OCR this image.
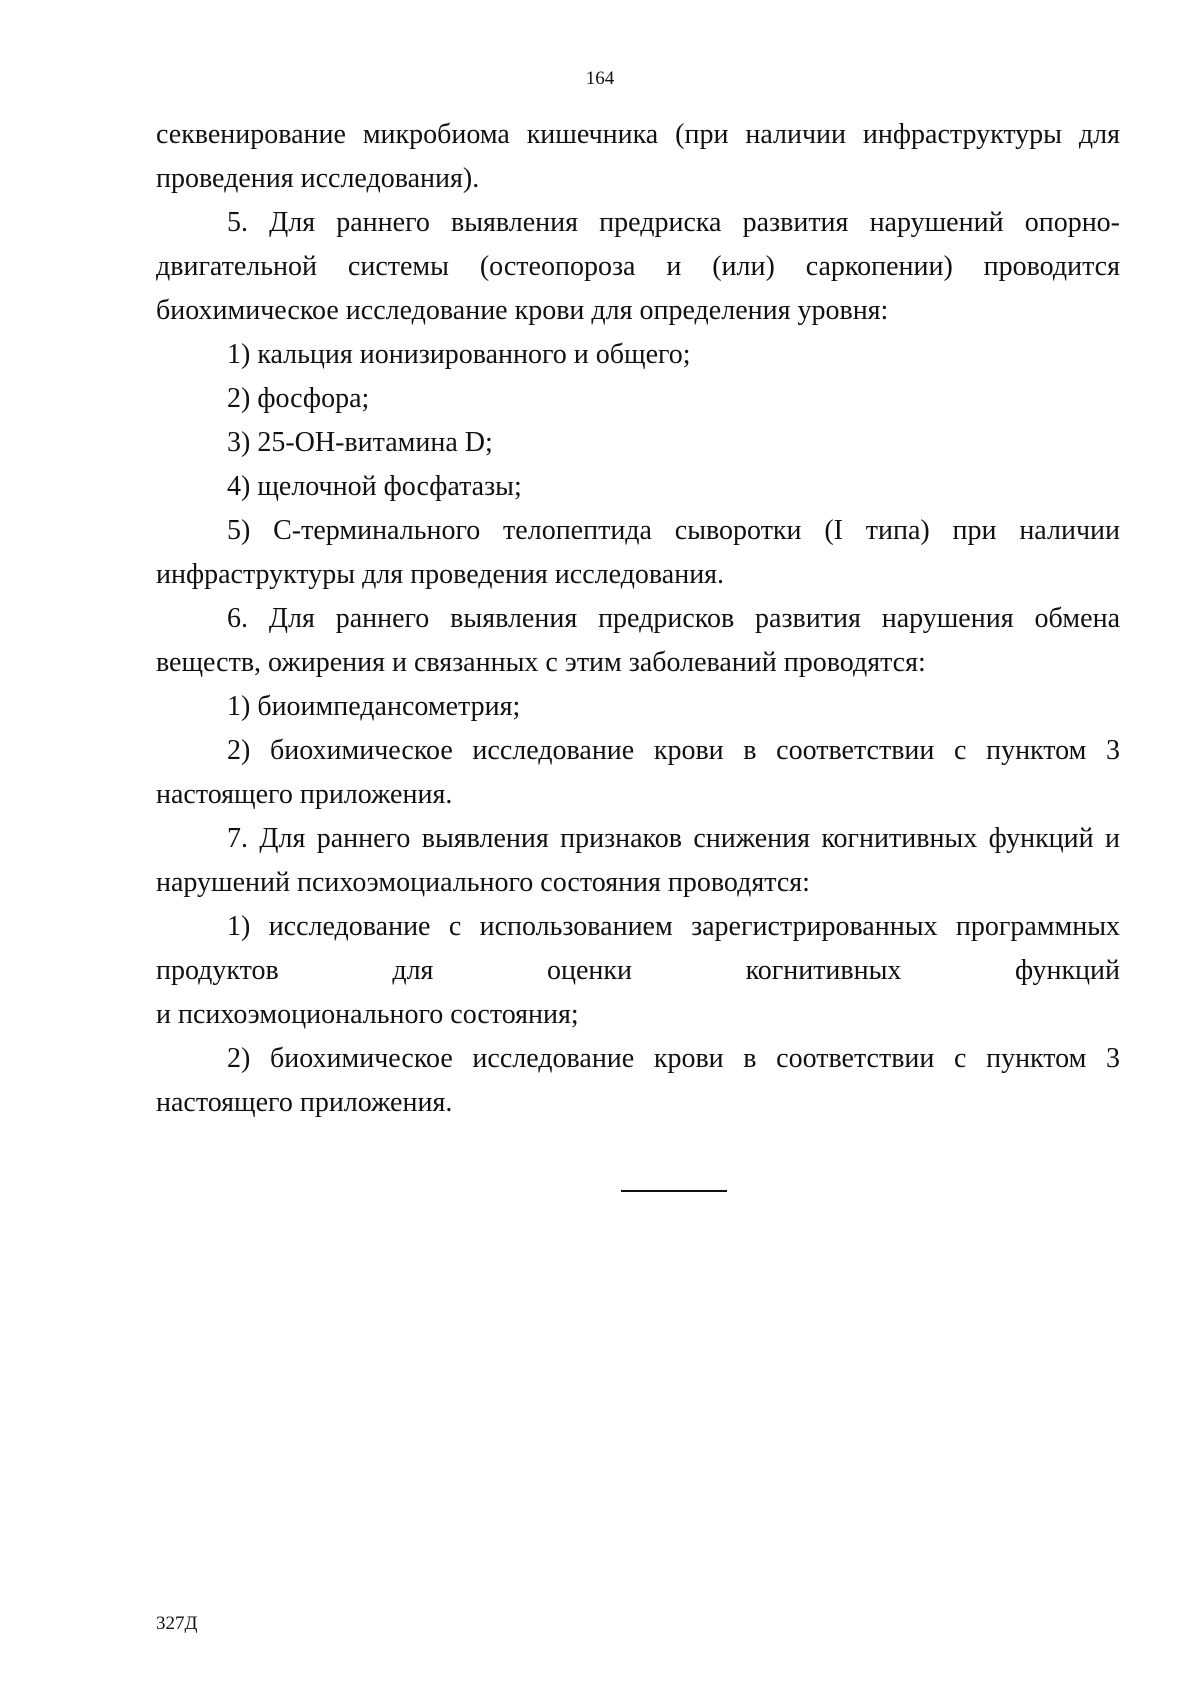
164

секвенирование микробиома кишечника (при наличии инфраструктуры для проведения исследования).

5. Для раннего выявления предриска развития нарушений опорно-двигательной системы (остеопороза и (или) саркопении) проводится биохимическое исследование крови для определения уровня:

1) кальция ионизированного и общего;

2) фосфора;

3) 25-OH-витамина D;

4) щелочной фосфатазы;

5) С-терминального телопептида сыворотки (I типа) при наличии инфраструктуры для проведения исследования.

6. Для раннего выявления предрисков развития нарушения обмена веществ, ожирения и связанных с этим заболеваний проводятся:

1) биоимпедансометрия;

2) биохимическое исследование крови в соответствии с пунктом 3 настоящего приложения.

7. Для раннего выявления признаков снижения когнитивных функций и нарушений психоэмоциального состояния проводятся:

1) исследование с использованием зарегистрированных программных продуктов для оценки когнитивных функций

и психоэмоционального состояния;

2) биохимическое исследование крови в соответствии с пунктом 3 настоящего приложения.

327Д
